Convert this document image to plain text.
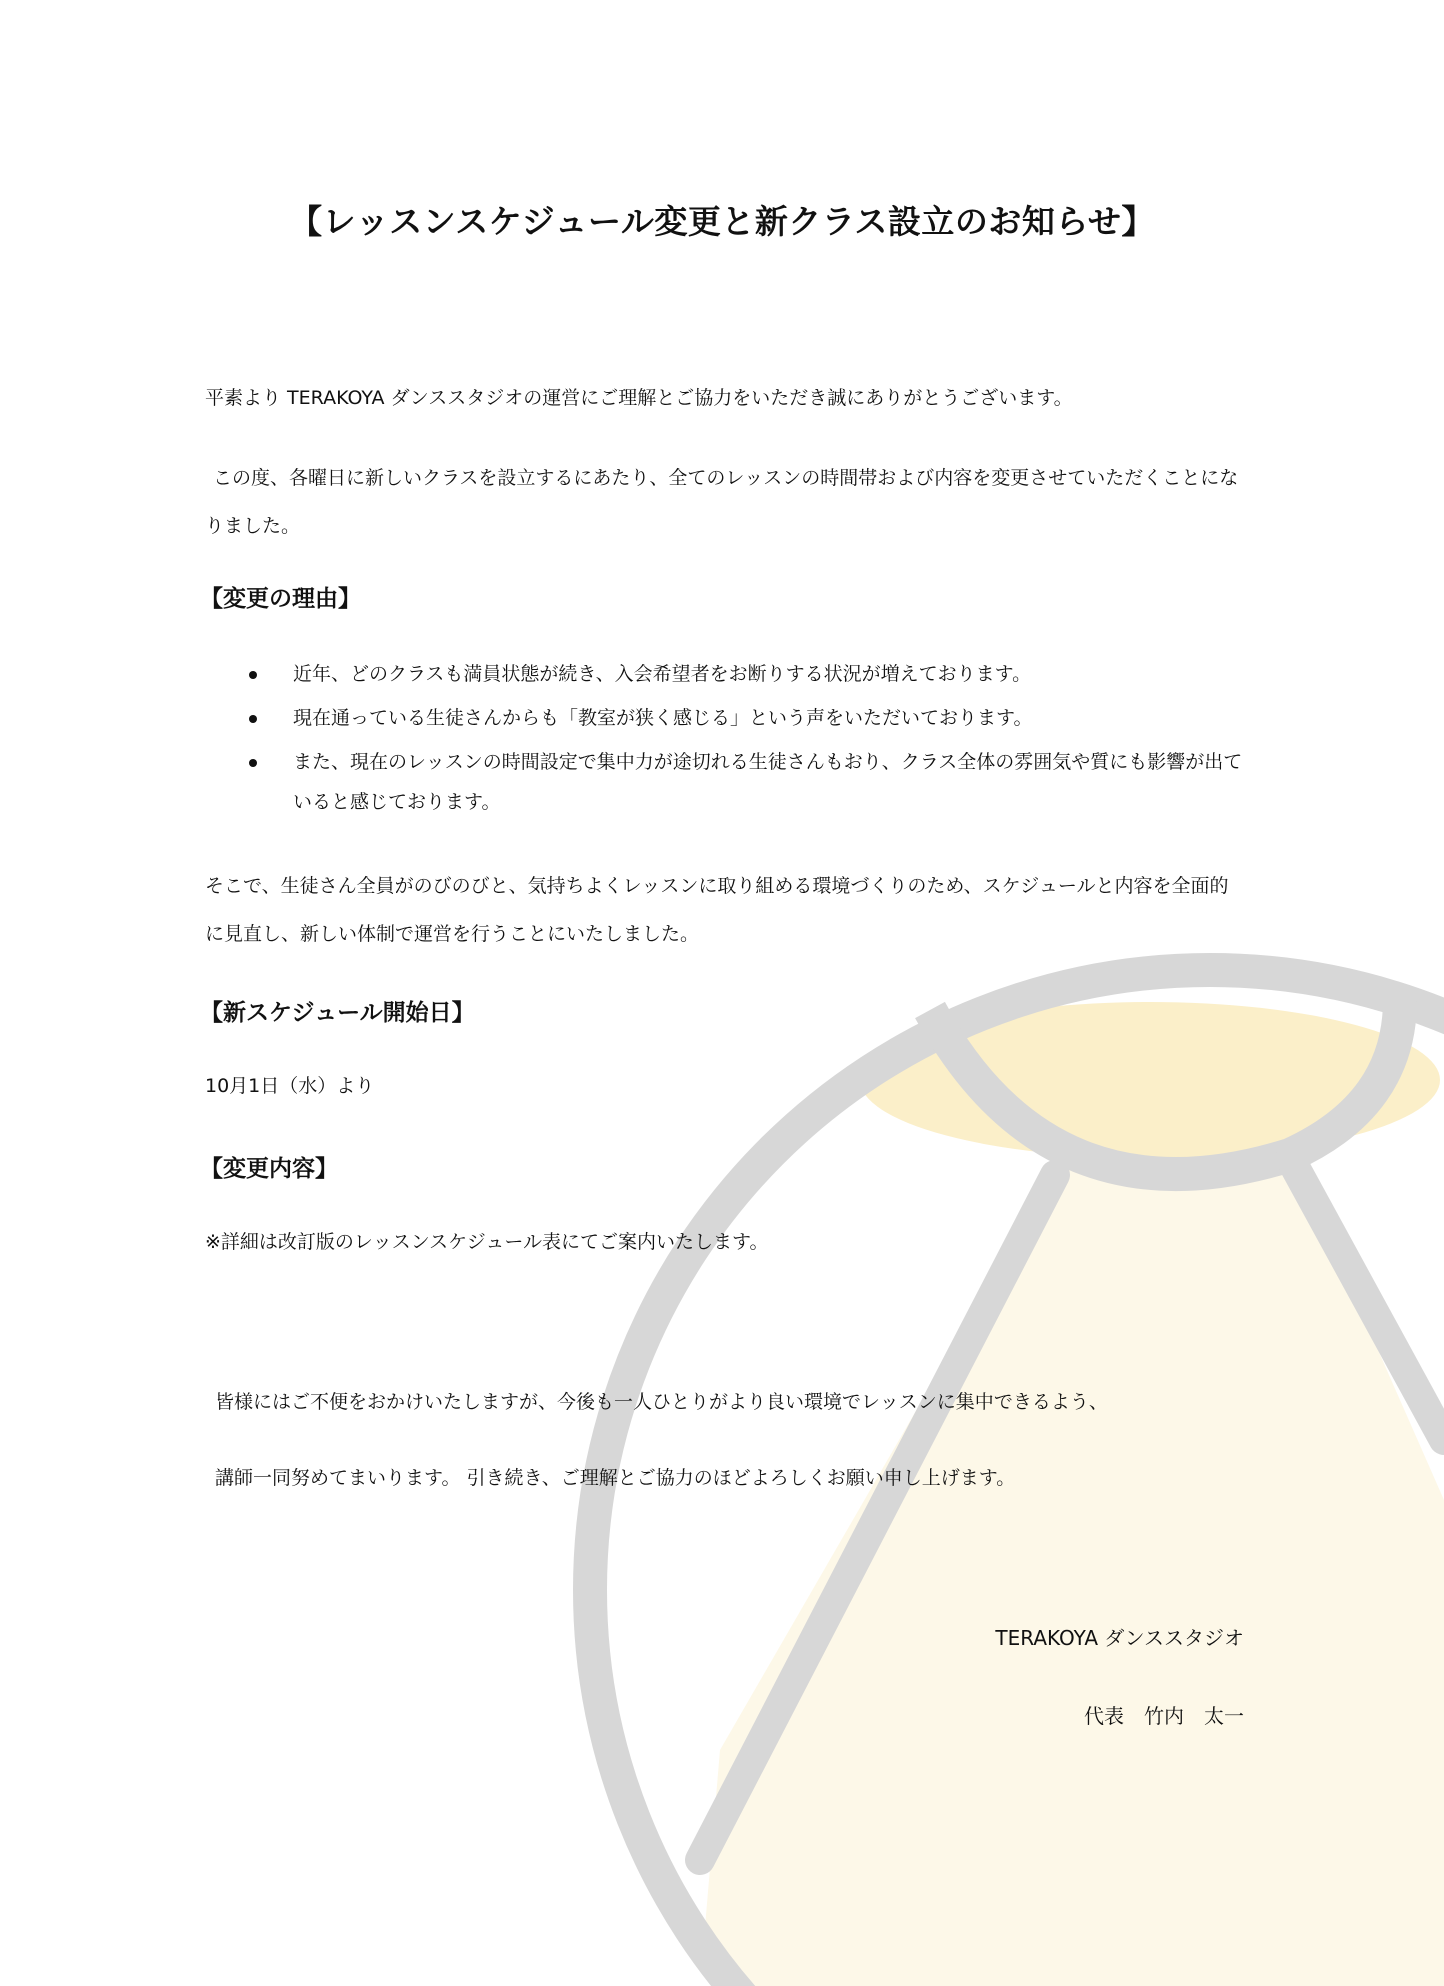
【レッスンスケジュール変更と新クラス設立のお知らせ】

平素より TERAKOYA ダンススタジオの運営にご理解とご協力をいただき誠にありがとうございます。

この度、各曜日に新しいクラスを設立するにあたり、全てのレッスンの時間帯および内容を変更させていただくことになりました。

【変更の理由】
近年、どのクラスも満員状態が続き、入会希望者をお断りする状況が増えております。
現在通っている生徒さんからも「教室が狭く感じる」という声をいただいております。
また、現在のレッスンの時間設定で集中力が途切れる生徒さんもおり、クラス全体の雰囲気や質にも影響が出ていると感じております。

そこで、生徒さん全員がのびのびと、気持ちよくレッスンに取り組める環境づくりのため、スケジュールと内容を全面的に見直し、新しい体制で運営を行うことにいたしました。

【新スケジュール開始日】

10月1日（水）より

【変更内容】

※詳細は改訂版のレッスンスケジュール表にてご案内いたします。

皆様にはご不便をおかけいたしますが、今後も一人ひとりがより良い環境でレッスンに集中できるよう、

講師一同努めてまいります。 引き続き、ご理解とご協力のほどよろしくお願い申し上げます。

TERAKOYA ダンススタジオ

代表　竹内　太一
